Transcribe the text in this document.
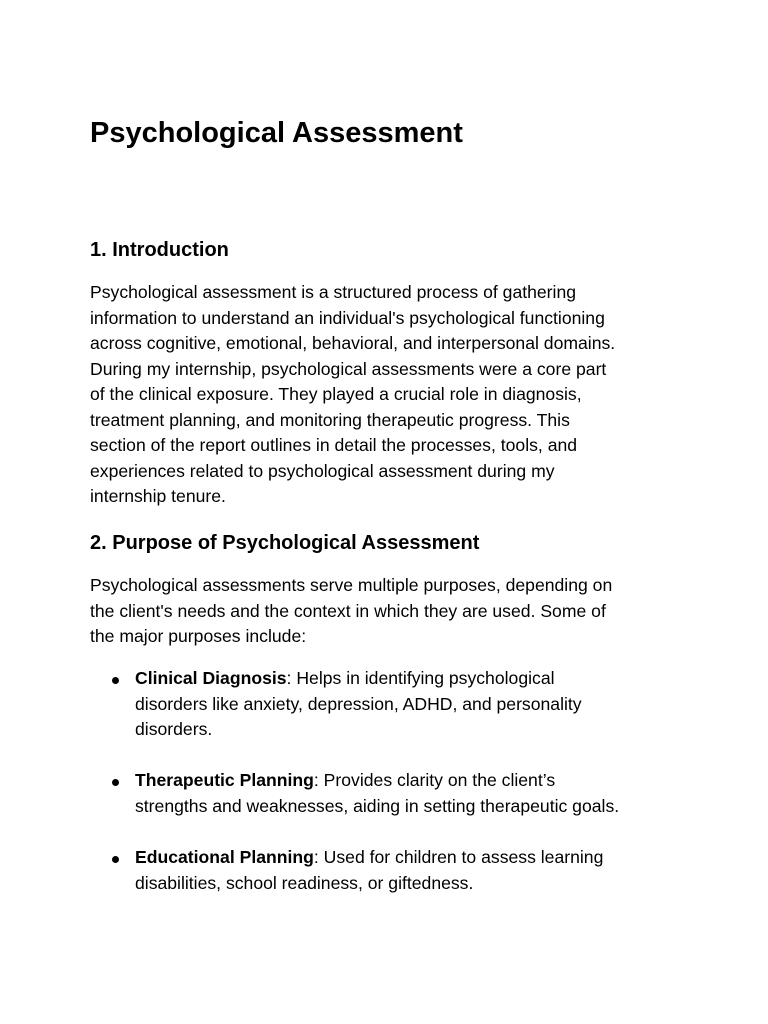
Psychological Assessment
1. Introduction

Psychological assessment is a structured process of gathering
information to understand an individual's psychological functioning
across cognitive, emotional, behavioral, and interpersonal domains.
During my internship, psychological assessments were a core part
of the clinical exposure. They played a crucial role in diagnosis,
treatment planning, and monitoring therapeutic progress. This
section of the report outlines in detail the processes, tools, and
experiences related to psychological assessment during my
internship tenure.

2. Purpose of Psychological Assessment

Psychological assessments serve multiple purposes, depending on
the client's needs and the context in which they are used. Some of
the major purposes include:

Clinical Diagnosis: Helps in identifying psychological
disorders like anxiety, depression, ADHD, and personality
disorders.
Therapeutic Planning: Provides clarity on the client’s
strengths and weaknesses, aiding in setting therapeutic goals.
Educational Planning: Used for children to assess learning
disabilities, school readiness, or giftedness.
